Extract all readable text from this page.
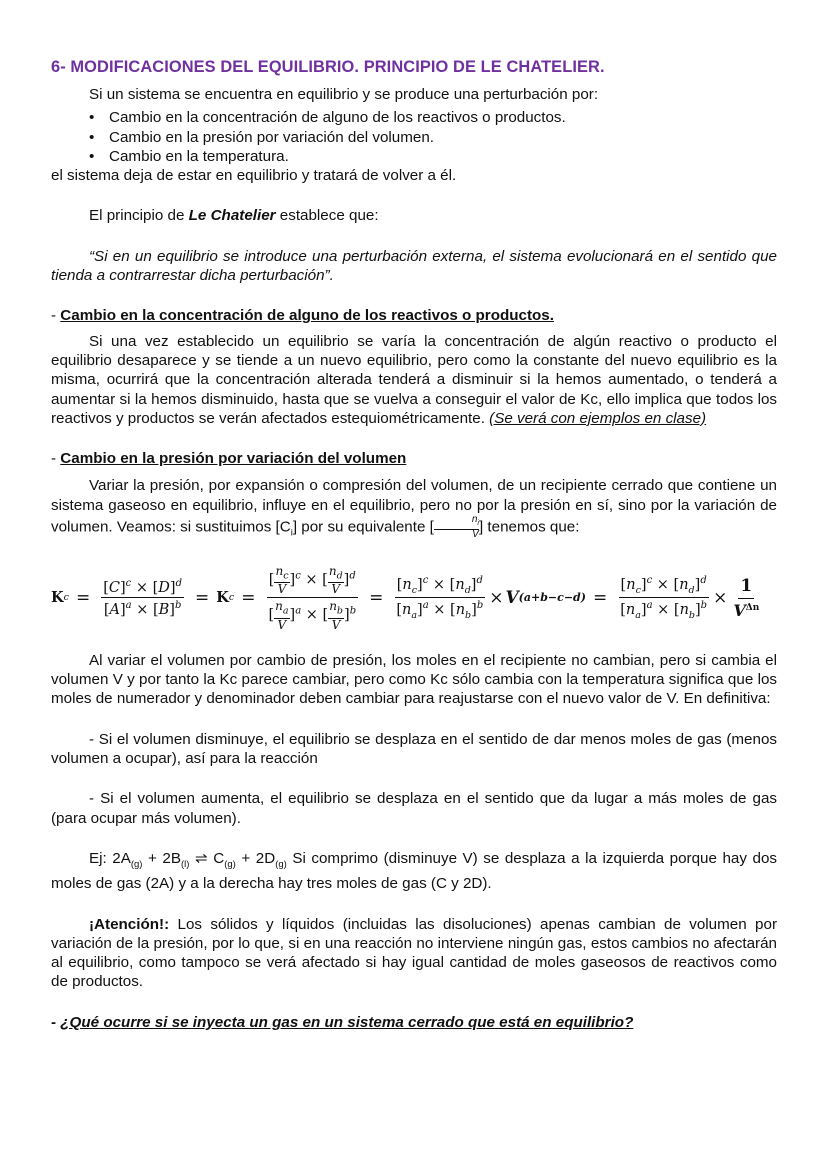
6- MODIFICACIONES DEL EQUILIBRIO. PRINCIPIO DE LE CHATELIER.

Si un sistema se encuentra en equilibrio y se produce una perturbación por:

• Cambio en la concentración de alguno de los reactivos o productos.
• Cambio en la presión por variación del volumen.
• Cambio en la temperatura.

el sistema deja de estar en equilibrio y tratará de volver a él.

El principio de Le Chatelier establece que:

“Si en un equilibrio se introduce una perturbación externa, el sistema evolucionará en el sentido que tienda a contrarrestar dicha perturbación”.

- Cambio en la concentración de alguno de los reactivos o productos.

Si una vez establecido un equilibrio se varía la concentración de algún reactivo o producto el equilibrio desaparece y se tiende a un nuevo equilibrio, pero como la constante del nuevo equilibrio es la misma, ocurrirá que la concentración alterada tenderá a disminuir si la hemos aumentado, o tenderá a aumentar si la hemos disminuido, hasta que se vuelva a conseguir el valor de Kc, ello implica que todos los reactivos y productos se verán afectados estequiométricamente. (Se verá con ejemplos en clase)

- Cambio en la presión por variación del volumen

Variar la presión, por expansión o compresión del volumen, de un recipiente cerrado que contiene un sistema gaseoso en equilibrio, influye en el equilibrio, pero no por la presión en sí, sino por la variación de volumen. Veamos: si sustituimos $[C_i]$ por su equivalente [ $\frac{n_i}{V}$ ] tenemos que:

K $c = \frac{[C]^c \times [D]^d}{[A]^a \times [B]^b} = K$ $c = \frac{[ \frac{n_c}{V} ]^c \times [ \frac{n_d}{V} ]^d}{[ \frac{n_a}{V} ]^a \times [ \frac{n_b}{V} ]^b} = \frac{[n_c]^c \times [n_d]^d}{[n_a]^a \times [n_b]^b} \times V$ $(a+b-c-d) = \frac{[n_c]^c \times [n_d]^d}{[n_a]^a \times [n_b]^b} \times \frac{1}{V^{\Delta n}}$

Al variar el volumen por cambio de presión, los moles en el recipiente no cambian, pero si cambia el volumen V y por tanto la Kc parece cambiar, pero como Kc sólo cambia con la temperatura significa que los moles de numerador y denominador deben cambiar para reajustarse con el nuevo valor de V. En definitiva:

- Si el volumen disminuye, el equilibrio se desplaza en el sentido de dar menos moles de gas (menos volumen a ocupar), así para la reacción

- Si el volumen aumenta, el equilibrio se desplaza en el sentido que da lugar a más moles de gas (para ocupar más volumen).

Ej: $2A_{(g)} + 2B_{(l)}$ ⇌ $C_{(g)} + 2D_{(g)}$ Si comprimo (disminuye V) se desplaza a la izquierda porque hay dos moles de gas (2A) y a la derecha hay tres moles de gas (C y 2D).

¡Atención!: Los sólidos y líquidos (incluidas las disoluciones) apenas cambian de volumen por variación de la presión, por lo que, si en una reacción no interviene ningún gas, estos cambios no afectarán al equilibrio, como tampoco se verá afectado si hay igual cantidad de moles gaseosos de reactivos como de productos.

- ¿Qué ocurre si se inyecta un gas en un sistema cerrado que está en equilibrio?
